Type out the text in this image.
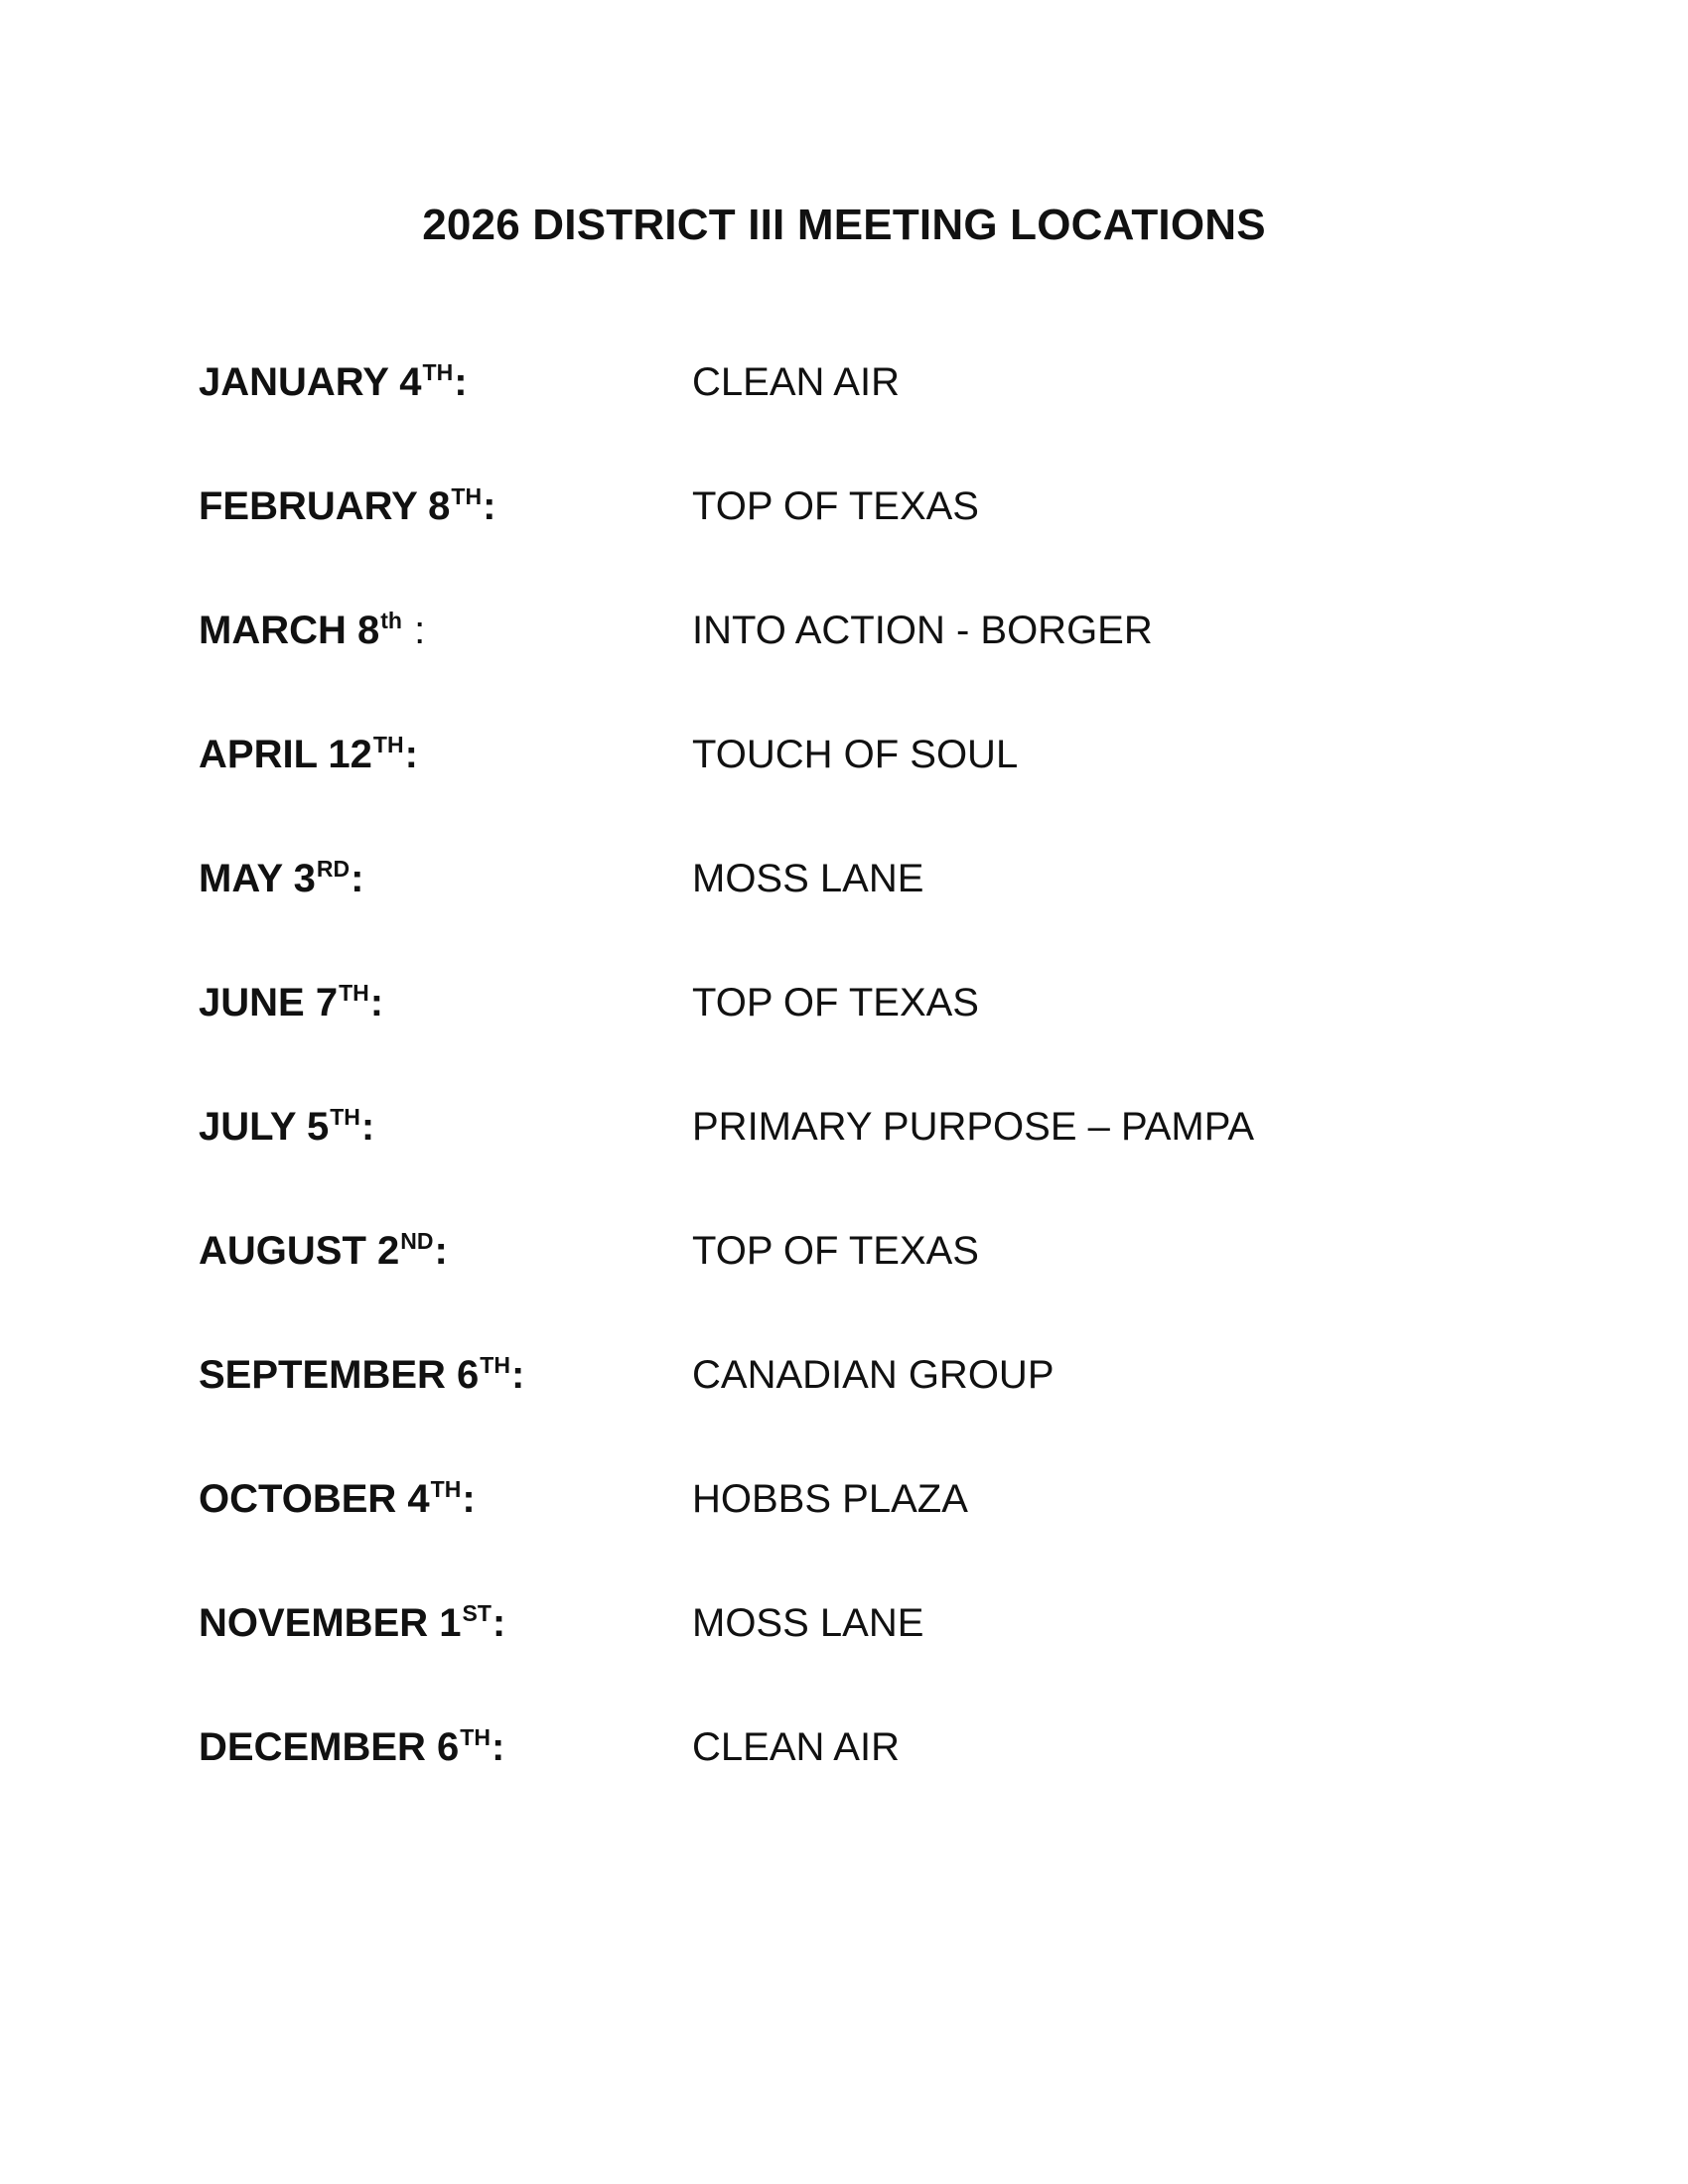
2026 DISTRICT III MEETING LOCATIONS
JANUARY 4TH:	CLEAN AIR
FEBRUARY 8TH:	TOP OF TEXAS
MARCH 8th :	INTO ACTION - BORGER
APRIL 12TH:	TOUCH OF SOUL
MAY 3RD:	MOSS LANE
JUNE 7TH:	TOP OF TEXAS
JULY 5TH:	PRIMARY PURPOSE – PAMPA
AUGUST 2ND:	TOP OF TEXAS
SEPTEMBER 6TH:	CANADIAN GROUP
OCTOBER 4TH:	HOBBS PLAZA
NOVEMBER 1ST:	MOSS LANE
DECEMBER 6TH:	CLEAN AIR
